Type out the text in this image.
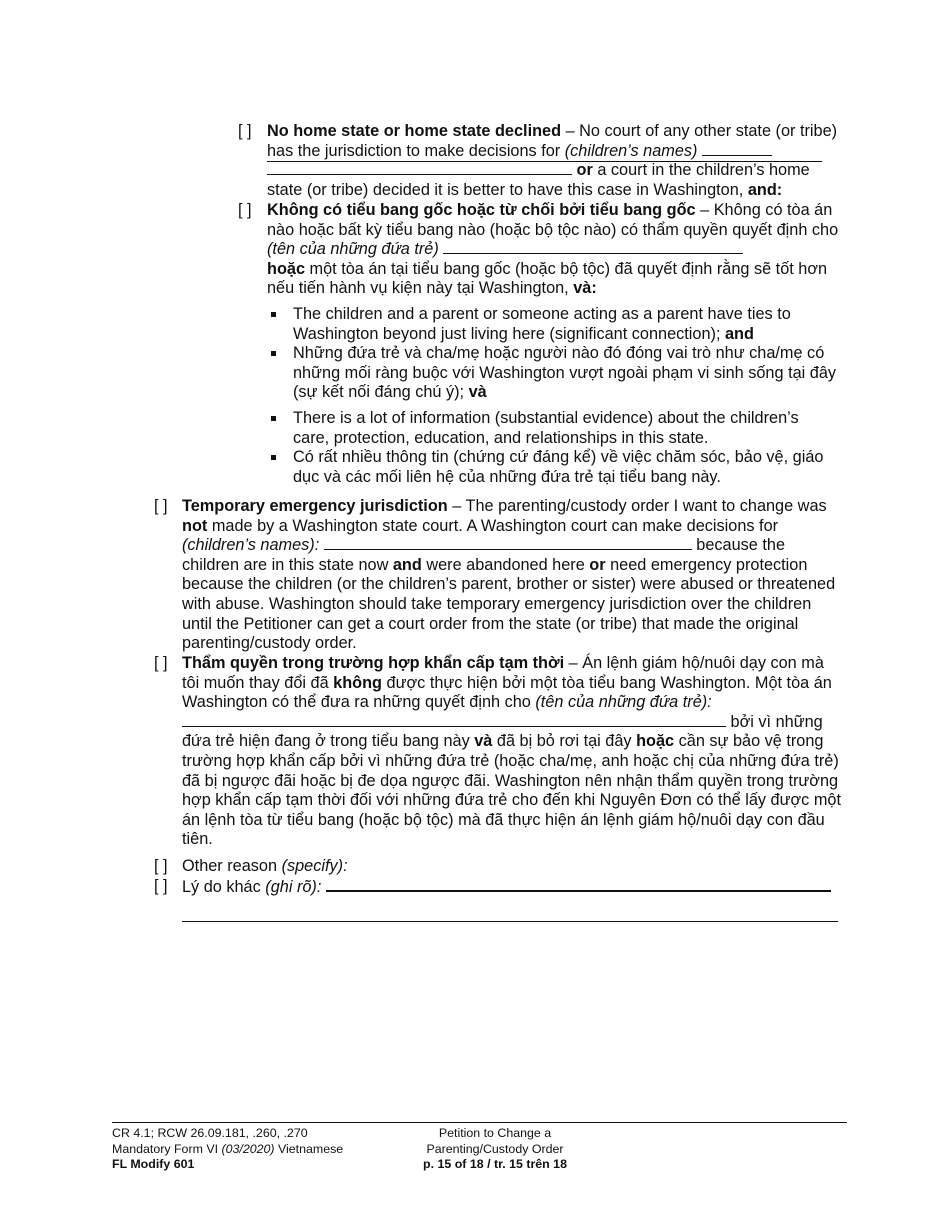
[ ] No home state or home state declined – No court of any other state (or tribe) has the jurisdiction to make decisions for (children’s names)
or a court in the children’s home

state (or tribe) decided it is better to have this case in Washington, and:
[ ] Không có tiểu bang gốc hoặc từ chối bởi tiểu bang gốc – Không có tòa án nào hoặc bất kỳ tiểu bang nào (hoặc bộ tộc nào) có thẩm quyền quyết định cho (tên của những đứa trẻ)
hoặc một tòa án tại tiểu bang gốc (hoặc bộ tộc) đã quyết định rằng sẽ tốt hơn nếu tiến hành vụ kiện này tại Washington, và:
The children and a parent or someone acting as a parent have ties to Washington beyond just living here (significant connection); and
Những đứa trẻ và cha/mẹ hoặc người nào đó đóng vai trò như cha/mẹ có những mối ràng buộc với Washington vượt ngoài phạm vi sinh sống tại đây (sự kết nối đáng chú ý); và
There is a lot of information (substantial evidence) about the children’s care, protection, education, and relationships in this state.
Có rất nhiều thông tin (chứng cứ đáng kể) về việc chăm sóc, bảo vệ, giáo dục và các mối liên hệ của những đứa trẻ tại tiểu bang này.
[ ] Temporary emergency jurisdiction – The parenting/custody order I want to change was not made by a Washington state court. A Washington court can make decisions for (children’s names):	because the children are in this state now and were abandoned here or need emergency protection because the children (or the children’s parent, brother or sister) were abused or threatened with abuse. Washington should take temporary emergency jurisdiction over the children until the Petitioner can get a court order from the state (or tribe) that made the original parenting/custody order.
[ ] Thẩm quyền trong trường hợp khẩn cấp tạm thời – Án lệnh giám hộ/nuôi dạy con mà tôi muốn thay đổi đã không được thực hiện bởi một tòa tiểu bang Washington. Một tòa án Washington có thể đưa ra những quyết định cho (tên của những đứa trẻ):
bởi vì những
đứa trẻ hiện đang ở trong tiểu bang này và đã bị bỏ rơi tại đây hoặc cần sự bảo vệ trong trường hợp khẩn cấp bởi vì những đứa trẻ (hoặc cha/mẹ, anh hoặc chị của những đứa trẻ) đã bị ngược đãi hoặc bị đe dọa ngược đãi. Washington nên nhận thẩm quyền trong trường hợp khẩn cấp tạm thời đối với những đứa trẻ cho đến khi Nguyên Đơn có thể lấy được một án lệnh tòa từ tiểu bang (hoặc bộ tộc) mà đã thực hiện án lệnh giám hộ/nuôi dạy con đầu tiên.
[ ] Other reason (specify):
[ ] Lý do khác (ghi rõ):
CR 4.1; RCW 26.09.181, .260, .270
Mandatory Form VI (03/2020) Vietnamese
FL Modify 601
Petition to Change a
Parenting/Custody Order
p. 15 of 18 / tr. 15 trên 18
